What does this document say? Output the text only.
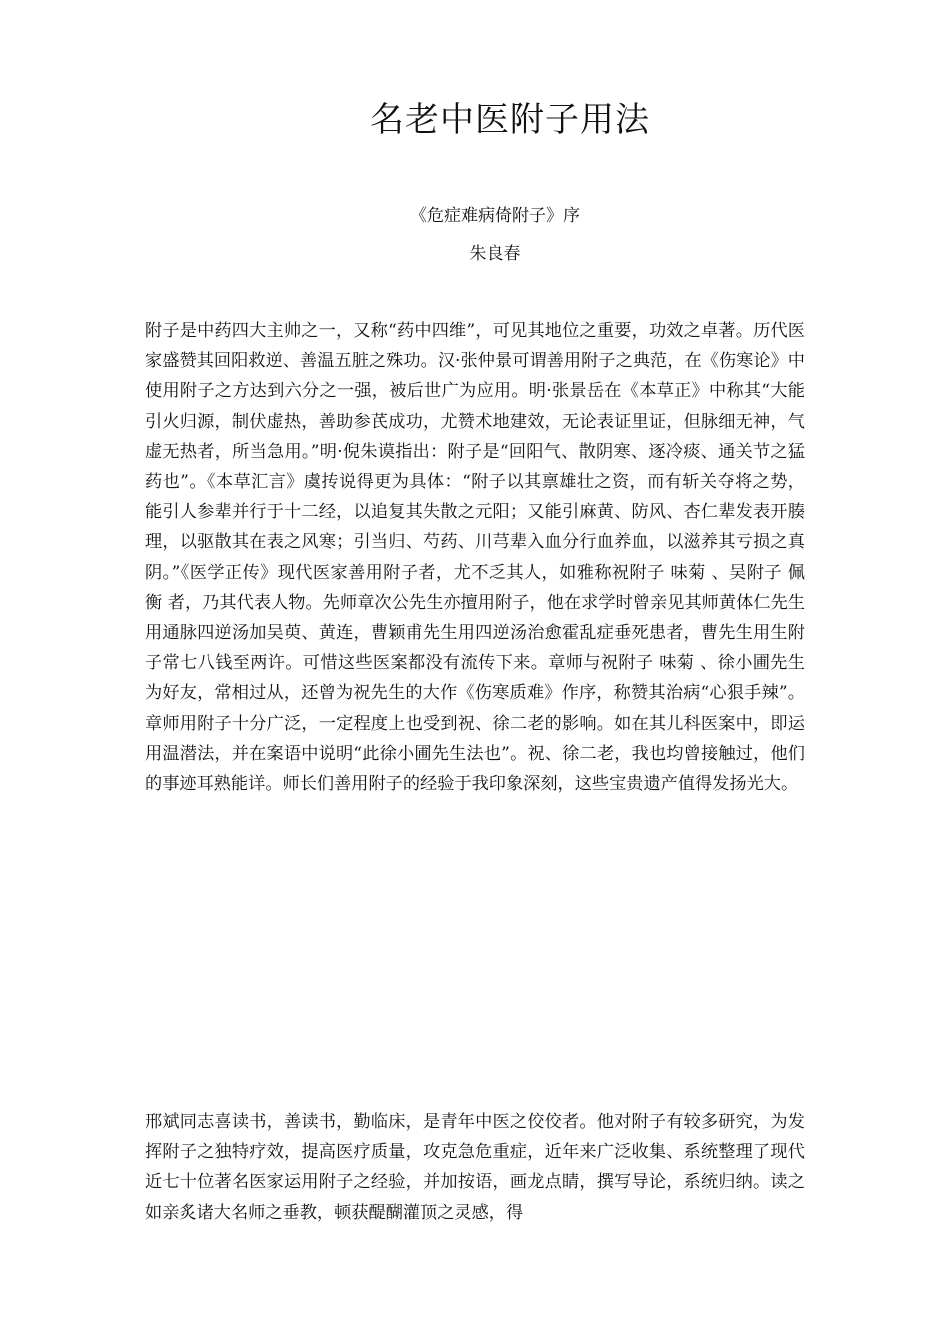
名老中医附子用法

《危症难病倚附子》序

朱良春

附子是中药四大主帅之一，又称“药中四维”，可见其地位之重要，功效之卓著。历代医家盛赞其回阳救逆、善温五脏之殊功。汉·张仲景可谓善用附子之典范，在《伤寒论》中使用附子之方达到六分之一强，被后世广为应用。明·张景岳在《本草正》中称其“大能引火归源，制伏虚热，善助参芪成功，尤赞术地建效，无论表证里证，但脉细无神，气虚无热者，所当急用。”明·倪朱谟指出：附子是“回阳气、散阴寒、逐冷痰、通关节之猛药也”。《本草汇言》虞抟说得更为具体：“附子以其禀雄壮之资，而有斩关夺将之势，能引人参辈并行于十二经，以追复其失散之元阳；又能引麻黄、防风、杏仁辈发表开腠理，以驱散其在表之风寒；引当归、芍药、川芎辈入血分行血养血，以滋养其亏损之真阴。”《医学正传》现代医家善用附子者，尤不乏其人，如雅称祝附子 味菊 、吴附子 佩衡 者，乃其代表人物。先师章次公先生亦擅用附子，他在求学时曾亲见其师黄体仁先生用通脉四逆汤加吴萸、黄连，曹颖甫先生用四逆汤治愈霍乱症垂死患者，曹先生用生附子常七八钱至两许。可惜这些医案都没有流传下来。章师与祝附子 味菊 、徐小圃先生为好友，常相过从，还曾为祝先生的大作《伤寒质难》作序，称赞其治病“心狠手辣”。章师用附子十分广泛，一定程度上也受到祝、徐二老的影响。如在其儿科医案中，即运用温潜法，并在案语中说明“此徐小圃先生法也”。祝、徐二老，我也均曾接触过，他们的事迹耳熟能详。师长们善用附子的经验于我印象深刻，这些宝贵遗产值得发扬光大。

邢斌同志喜读书，善读书，勤临床，是青年中医之佼佼者。他对附子有较多研究，为发挥附子之独特疗效，提高医疗质量，攻克急危重症，近年来广泛收集、系统整理了现代近七十位著名医家运用附子之经验，并加按语，画龙点睛，撰写导论，系统归纳。读之如亲炙诸大名师之垂教，顿获醍醐灌顶之灵感，得
